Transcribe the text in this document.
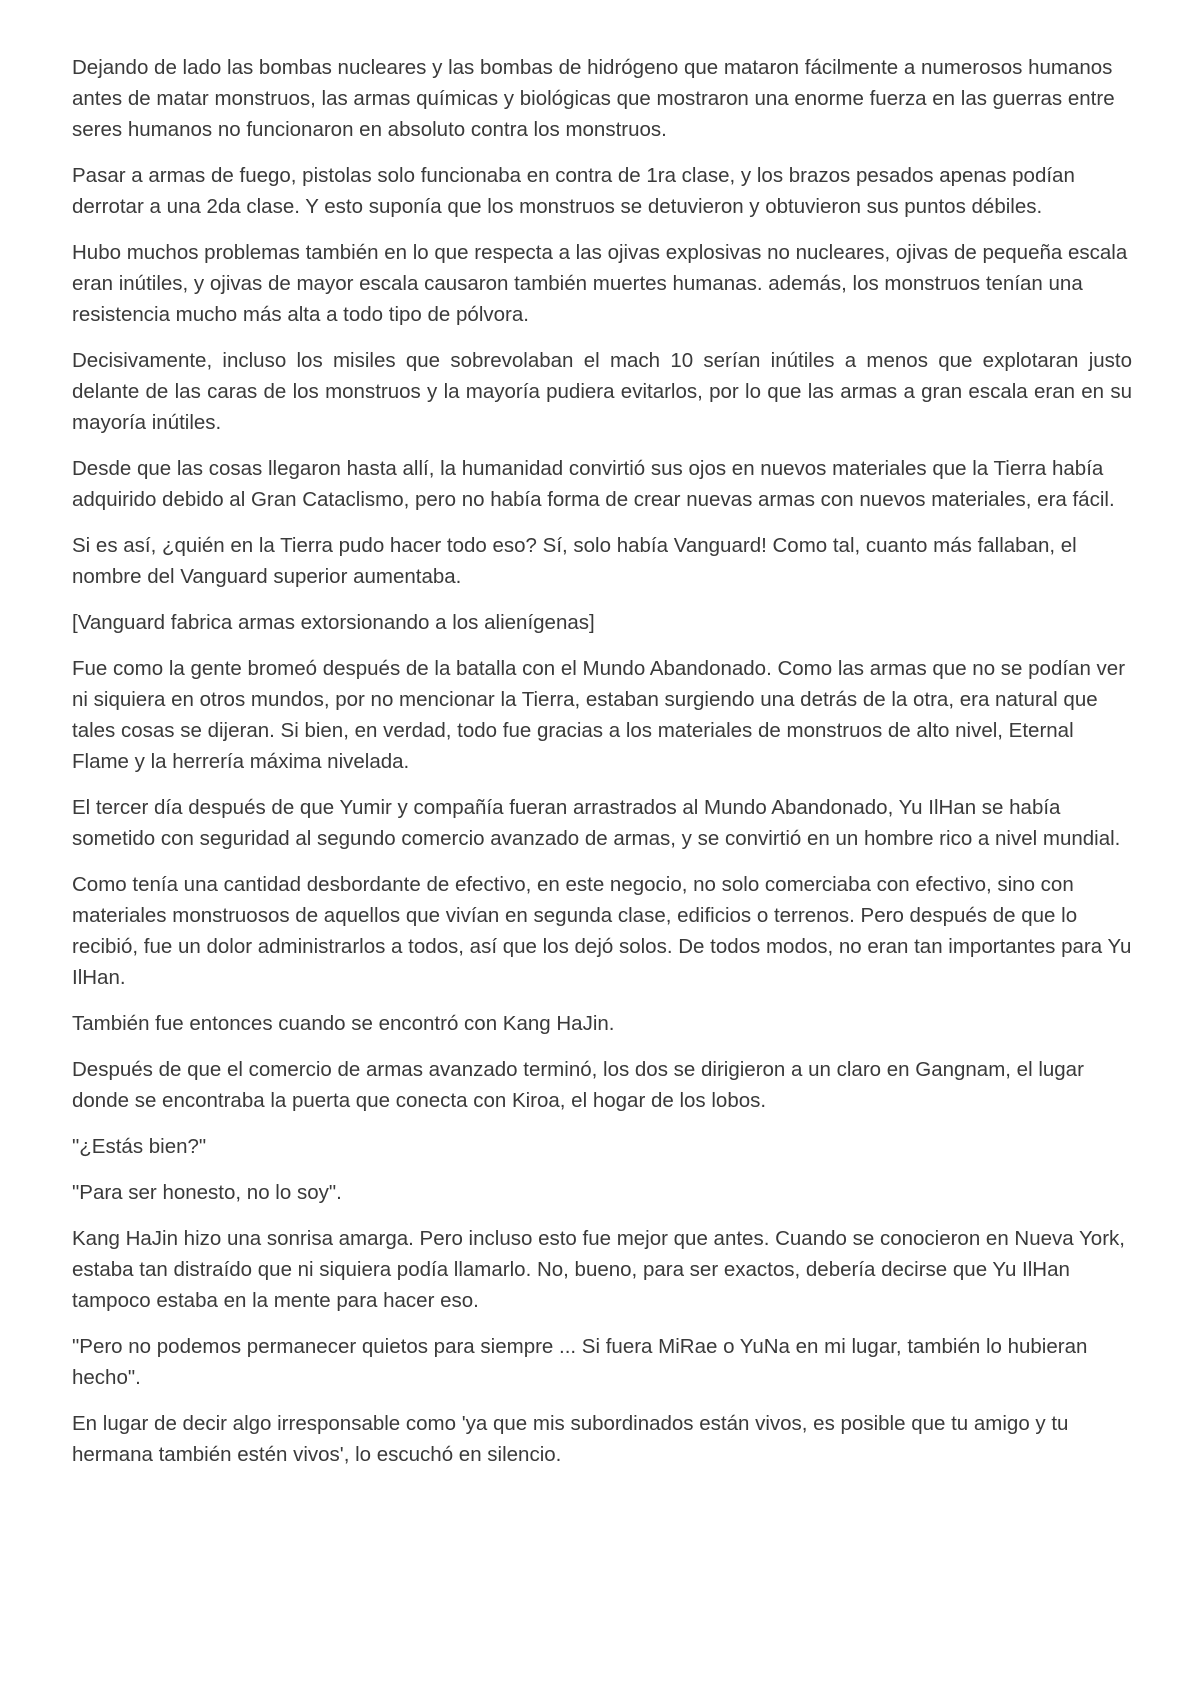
Dejando de lado las bombas nucleares y las bombas de hidrógeno que mataron fácilmente a numerosos humanos antes de matar monstruos, las armas químicas y biológicas que mostraron una enorme fuerza en las guerras entre seres humanos no funcionaron en absoluto contra los monstruos.

Pasar a armas de fuego, pistolas solo funcionaba en contra de 1ra clase, y los brazos pesados apenas podían derrotar a una 2da clase. Y esto suponía que los monstruos se detuvieron y obtuvieron sus puntos débiles.

Hubo muchos problemas también en lo que respecta a las ojivas explosivas no nucleares, ojivas de pequeña escala eran inútiles, y ojivas de mayor escala causaron también muertes humanas. además, los monstruos tenían una resistencia mucho más alta a todo tipo de pólvora.

Decisivamente, incluso los misiles que sobrevolaban el mach 10 serían inútiles a menos que explotaran justo delante de las caras de los monstruos y la mayoría pudiera evitarlos, por lo que las armas a gran escala eran en su mayoría inútiles.

Desde que las cosas llegaron hasta allí, la humanidad convirtió sus ojos en nuevos materiales que la Tierra había adquirido debido al Gran Cataclismo, pero no había forma de crear nuevas armas con nuevos materiales, era fácil.

Si es así, ¿quién en la Tierra pudo hacer todo eso? Sí, solo había Vanguard! Como tal, cuanto más fallaban, el nombre del Vanguard superior aumentaba.

[Vanguard fabrica armas extorsionando a los alienígenas]

Fue como la gente bromeó después de la batalla con el Mundo Abandonado. Como las armas que no se podían ver ni siquiera en otros mundos, por no mencionar la Tierra, estaban surgiendo una detrás de la otra, era natural que tales cosas se dijeran. Si bien, en verdad, todo fue gracias a los materiales de monstruos de alto nivel, Eternal Flame y la herrería máxima nivelada.

El tercer día después de que Yumir y compañía fueran arrastrados al Mundo Abandonado, Yu IlHan se había sometido con seguridad al segundo comercio avanzado de armas, y se convirtió en un hombre rico a nivel mundial.

Como tenía una cantidad desbordante de efectivo, en este negocio, no solo comerciaba con efectivo, sino con materiales monstruosos de aquellos que vivían en segunda clase, edificios o terrenos. Pero después de que lo recibió, fue un dolor administrarlos a todos, así que los dejó solos. De todos modos, no eran tan importantes para Yu IlHan.

También fue entonces cuando se encontró con Kang HaJin.

Después de que el comercio de armas avanzado terminó, los dos se dirigieron a un claro en Gangnam, el lugar donde se encontraba la puerta que conecta con Kiroa, el hogar de los lobos.

"¿Estás bien?"

"Para ser honesto, no lo soy".

Kang HaJin hizo una sonrisa amarga. Pero incluso esto fue mejor que antes. Cuando se conocieron en Nueva York, estaba tan distraído que ni siquiera podía llamarlo. No, bueno, para ser exactos, debería decirse que Yu IlHan tampoco estaba en la mente para hacer eso.

"Pero no podemos permanecer quietos para siempre ... Si fuera MiRae o YuNa en mi lugar, también lo hubieran hecho".

En lugar de decir algo irresponsable como 'ya que mis subordinados están vivos, es posible que tu amigo y tu hermana también estén vivos', lo escuchó en silencio.
